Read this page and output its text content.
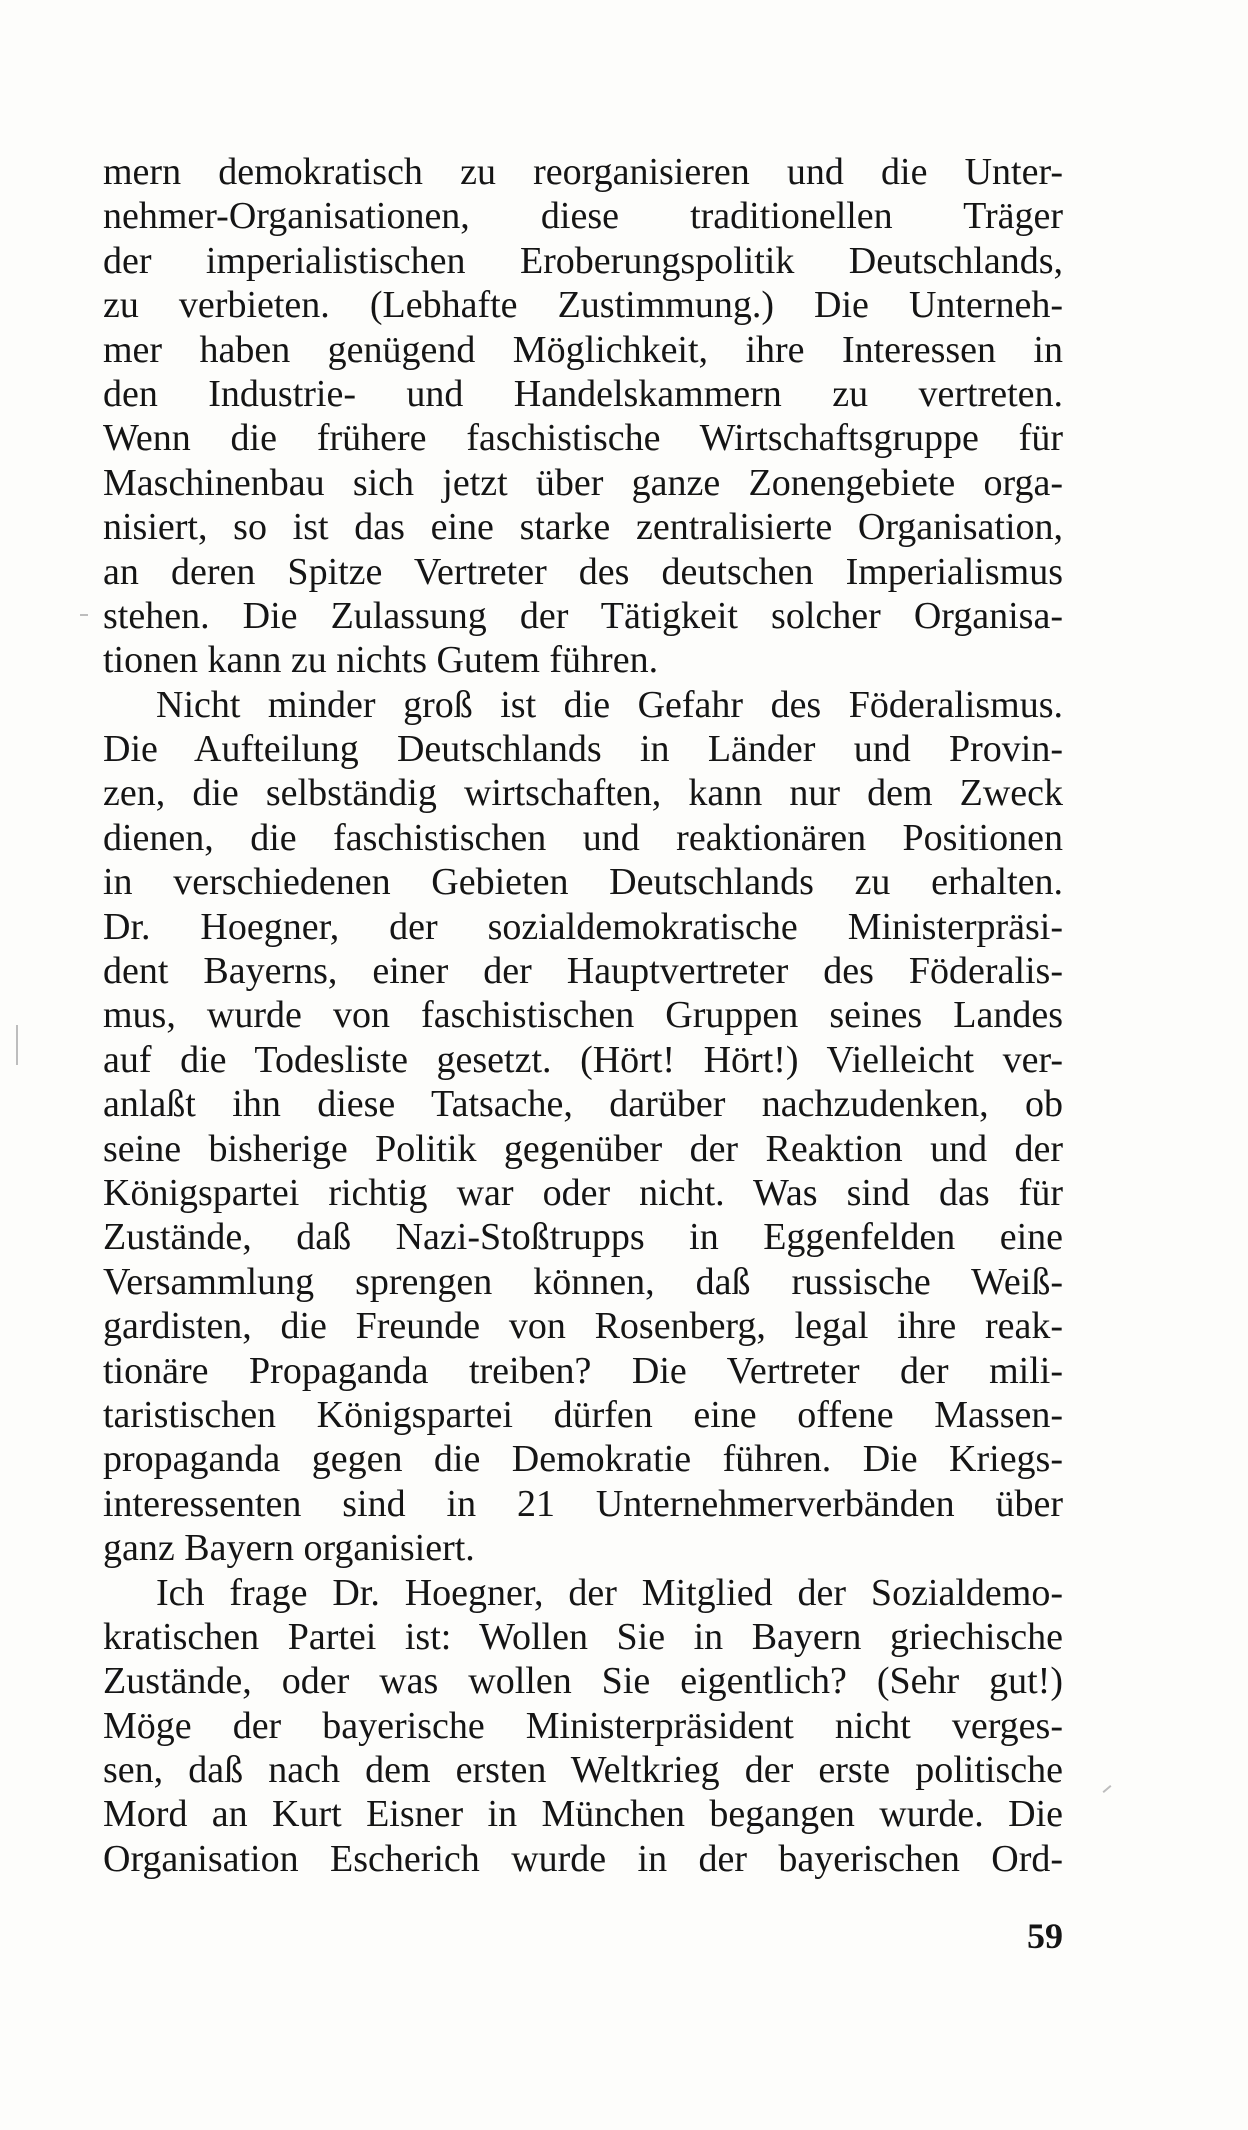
mern demokratisch zu reorganisieren und die Unter-
nehmer-Organisationen, diese traditionellen Träger
der imperialistischen Eroberungspolitik Deutschlands,
zu verbieten. (Lebhafte Zustimmung.) Die Unterneh-
mer haben genügend Möglichkeit, ihre Interessen in
den Industrie- und Handelskammern zu vertreten.
Wenn die frühere faschistische Wirtschaftsgruppe für
Maschinenbau sich jetzt über ganze Zonengebiete orga-
nisiert, so ist das eine starke zentralisierte Organisation,
an deren Spitze Vertreter des deutschen Imperialismus
stehen. Die Zulassung der Tätigkeit solcher Organisa-
tionen kann zu nichts Gutem führen.
Nicht minder groß ist die Gefahr des Föderalismus.
Die Aufteilung Deutschlands in Länder und Provin-
zen, die selbständig wirtschaften, kann nur dem Zweck
dienen, die faschistischen und reaktionären Positionen
in verschiedenen Gebieten Deutschlands zu erhalten.
Dr. Hoegner, der sozialdemokratische Ministerpräsi-
dent Bayerns, einer der Hauptvertreter des Föderalis-
mus, wurde von faschistischen Gruppen seines Landes
auf die Todesliste gesetzt. (Hört! Hört!) Vielleicht ver-
anlaßt ihn diese Tatsache, darüber nachzudenken, ob
seine bisherige Politik gegenüber der Reaktion und der
Königspartei richtig war oder nicht. Was sind das für
Zustände, daß Nazi-Stoßtrupps in Eggenfelden eine
Versammlung sprengen können, daß russische Weiß-
gardisten, die Freunde von Rosenberg, legal ihre reak-
tionäre Propaganda treiben? Die Vertreter der mili-
taristischen Königspartei dürfen eine offene Massen-
propaganda gegen die Demokratie führen. Die Kriegs-
interessenten sind in 21 Unternehmerverbänden über
ganz Bayern organisiert.
Ich frage Dr. Hoegner, der Mitglied der Sozialdemo-
kratischen Partei ist: Wollen Sie in Bayern griechische
Zustände, oder was wollen Sie eigentlich? (Sehr gut!)
Möge der bayerische Ministerpräsident nicht verges-
sen, daß nach dem ersten Weltkrieg der erste politische
Mord an Kurt Eisner in München begangen wurde. Die
Organisation Escherich wurde in der bayerischen Ord-
59
